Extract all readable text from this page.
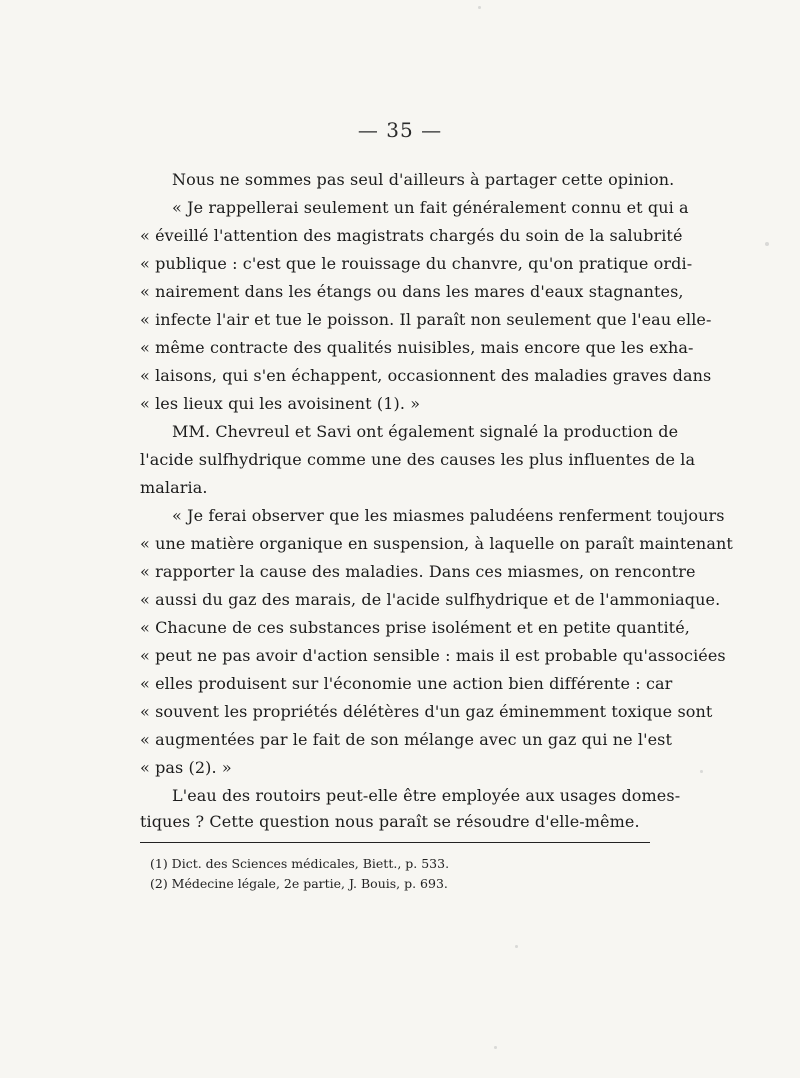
— 35 —
Nous ne sommes pas seul d'ailleurs à partager cette opinion.
« Je rappellerai seulement un fait généralement connu et qui a
« éveillé l'attention des magistrats chargés du soin de la salubrité
« publique : c'est que le rouissage du chanvre, qu'on pratique ordi-
« nairement dans les étangs ou dans les mares d'eaux stagnantes,
« infecte l'air et tue le poisson. Il paraît non seulement que l'eau elle-
« même contracte des qualités nuisibles, mais encore que les exha-
« laisons, qui s'en échappent, occasionnent des maladies graves dans
« les lieux qui les avoisinent (1). »
MM. Chevreul et Savi ont également signalé la production de
l'acide sulfhydrique comme une des causes les plus influentes de la
malaria.
« Je ferai observer que les miasmes paludéens renferment toujours
« une matière organique en suspension, à laquelle on paraît maintenant
« rapporter la cause des maladies. Dans ces miasmes, on rencontre
« aussi du gaz des marais, de l'acide sulfhydrique et de l'ammoniaque.
« Chacune de ces substances prise isolément et en petite quantité,
« peut ne pas avoir d'action sensible : mais il est probable qu'associées
« elles produisent sur l'économie une action bien différente : car
« souvent les propriétés délétères d'un gaz éminemment toxique sont
« augmentées par le fait de son mélange avec un gaz qui ne l'est
« pas (2). »
L'eau des routoirs peut-elle être employée aux usages domes-
tiques ? Cette question nous paraît se résoudre d'elle-même.
(1) Dict. des Sciences médicales, Biett., p. 533.
(2) Médecine légale, 2e partie, J. Bouis, p. 693.
